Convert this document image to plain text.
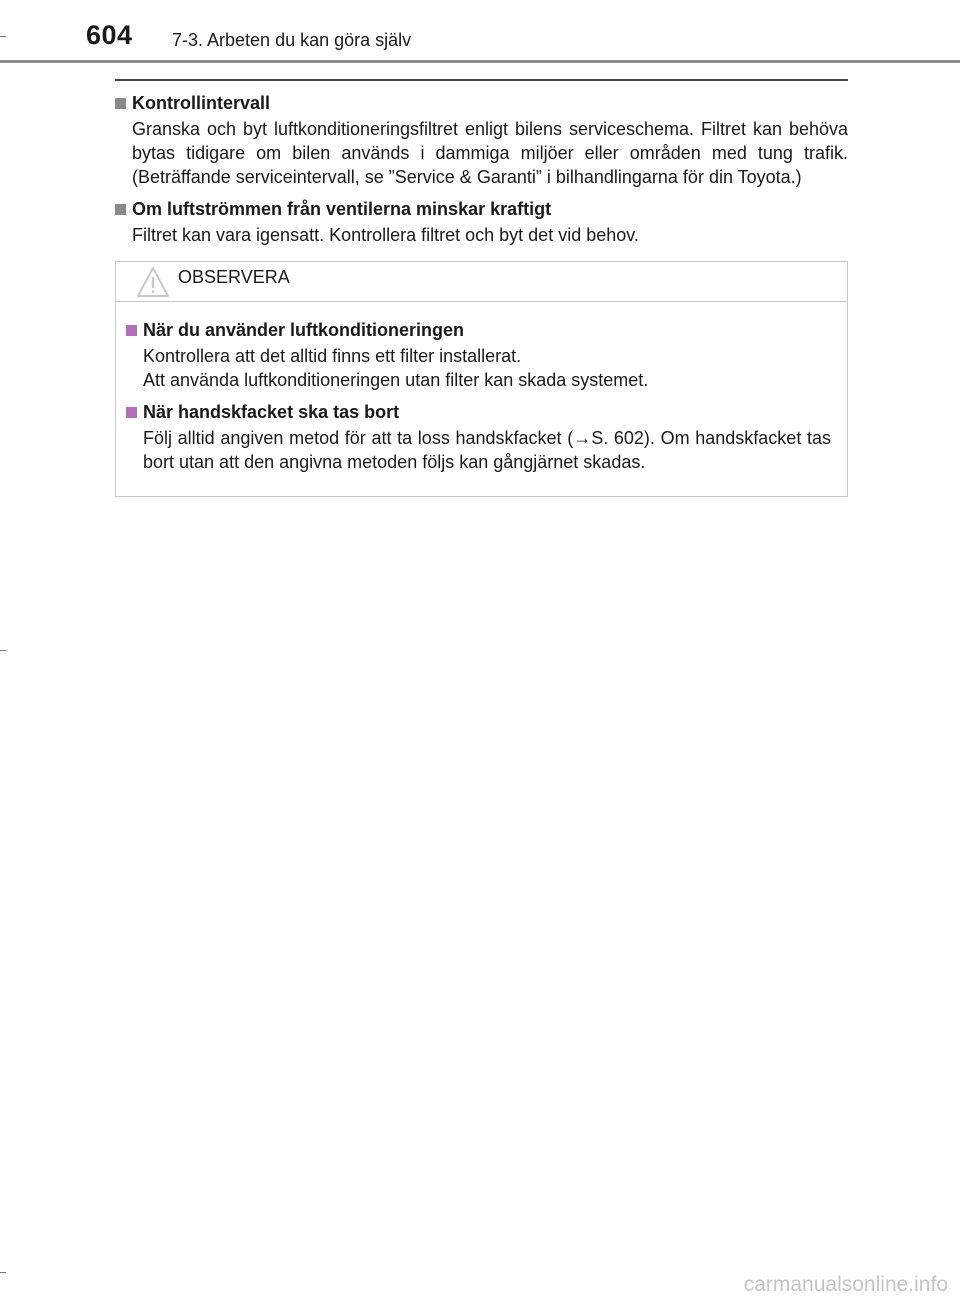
604 7-3. Arbeten du kan göra själv
Kontrollintervall
Granska och byt luftkonditioneringsfiltret enligt bilens serviceschema. Filtret kan behöva bytas tidigare om bilen används i dammiga miljöer eller områden med tung trafik. (Beträffande serviceintervall, se ”Service & Garanti” i bilhandlingarna för din Toyota.)
Om luftströmmen från ventilerna minskar kraftigt
Filtret kan vara igensatt. Kontrollera filtret och byt det vid behov.
OBSERVERA
När du använder luftkonditioneringen

Kontrollera att det alltid finns ett filter installerat.

Att använda luftkonditioneringen utan filter kan skada systemet.

När handskfacket ska tas bort

Följ alltid angiven metod för att ta loss handskfacket (→S. 602). Om handskfacket tas bort utan att den angivna metoden följs kan gångjärnet skadas.

carmanualsonline.info
